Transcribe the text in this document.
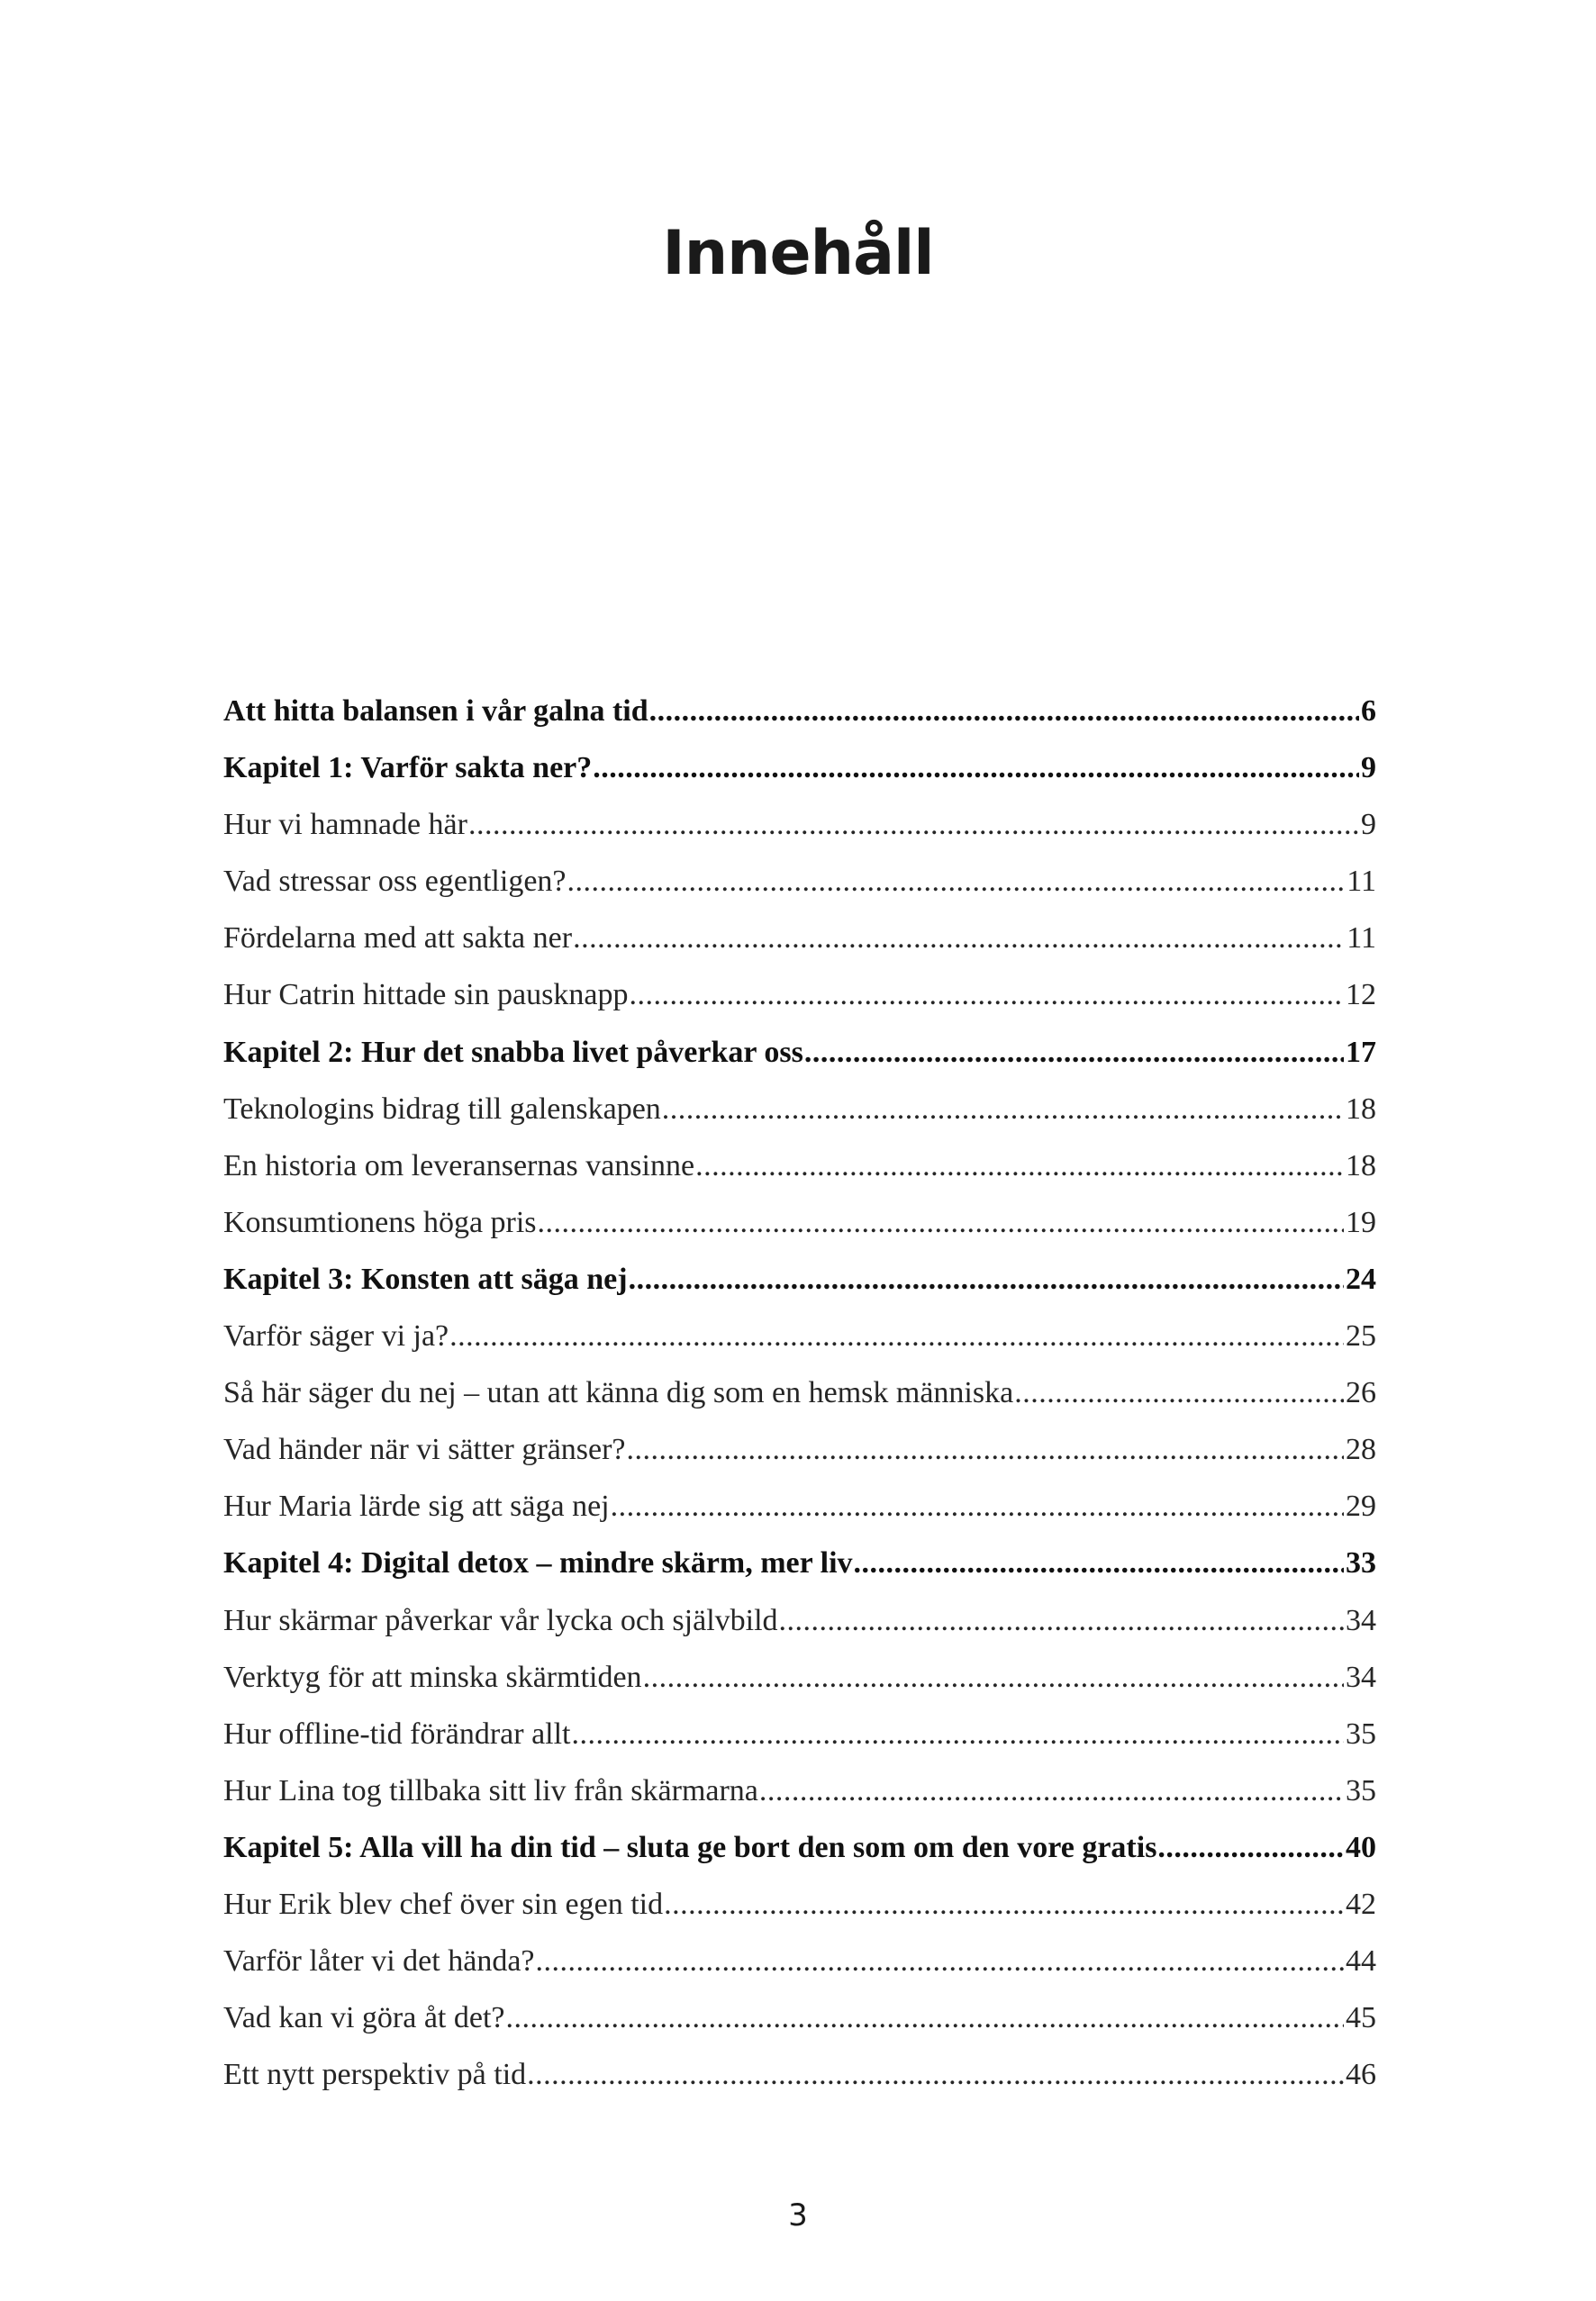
Innehåll
Att hitta balansen i vår galna tid .....	6
Kapitel 1: Varför sakta ner? .....	9
Hur vi hamnade här .....	9
Vad stressar oss egentligen? .....	11
Fördelarna med att sakta ner .....	11
Hur Catrin hittade sin pausknapp .....	12
Kapitel 2: Hur det snabba livet påverkar oss .....	17
Teknologins bidrag till galenskapen .....	18
En historia om leveransernas vansinne .....	18
Konsumtionens höga pris .....	19
Kapitel 3: Konsten att säga nej .....	24
Varför säger vi ja? .....	25
Så här säger du nej – utan att känna dig som en hemsk människa .....	26
Vad händer när vi sätter gränser? .....	28
Hur Maria lärde sig att säga nej .....	29
Kapitel 4: Digital detox – mindre skärm, mer liv .....	33
Hur skärmar påverkar vår lycka och självbild .....	34
Verktyg för att minska skärmtiden .....	34
Hur offline-tid förändrar allt .....	35
Hur Lina tog tillbaka sitt liv från skärmarna .....	35
Kapitel 5: Alla vill ha din tid – sluta ge bort den som om den vore gratis .....	40
Hur Erik blev chef över sin egen tid .....	42
Varför låter vi det hända? .....	44
Vad kan vi göra åt det? .....	45
Ett nytt perspektiv på tid .....	46
3
